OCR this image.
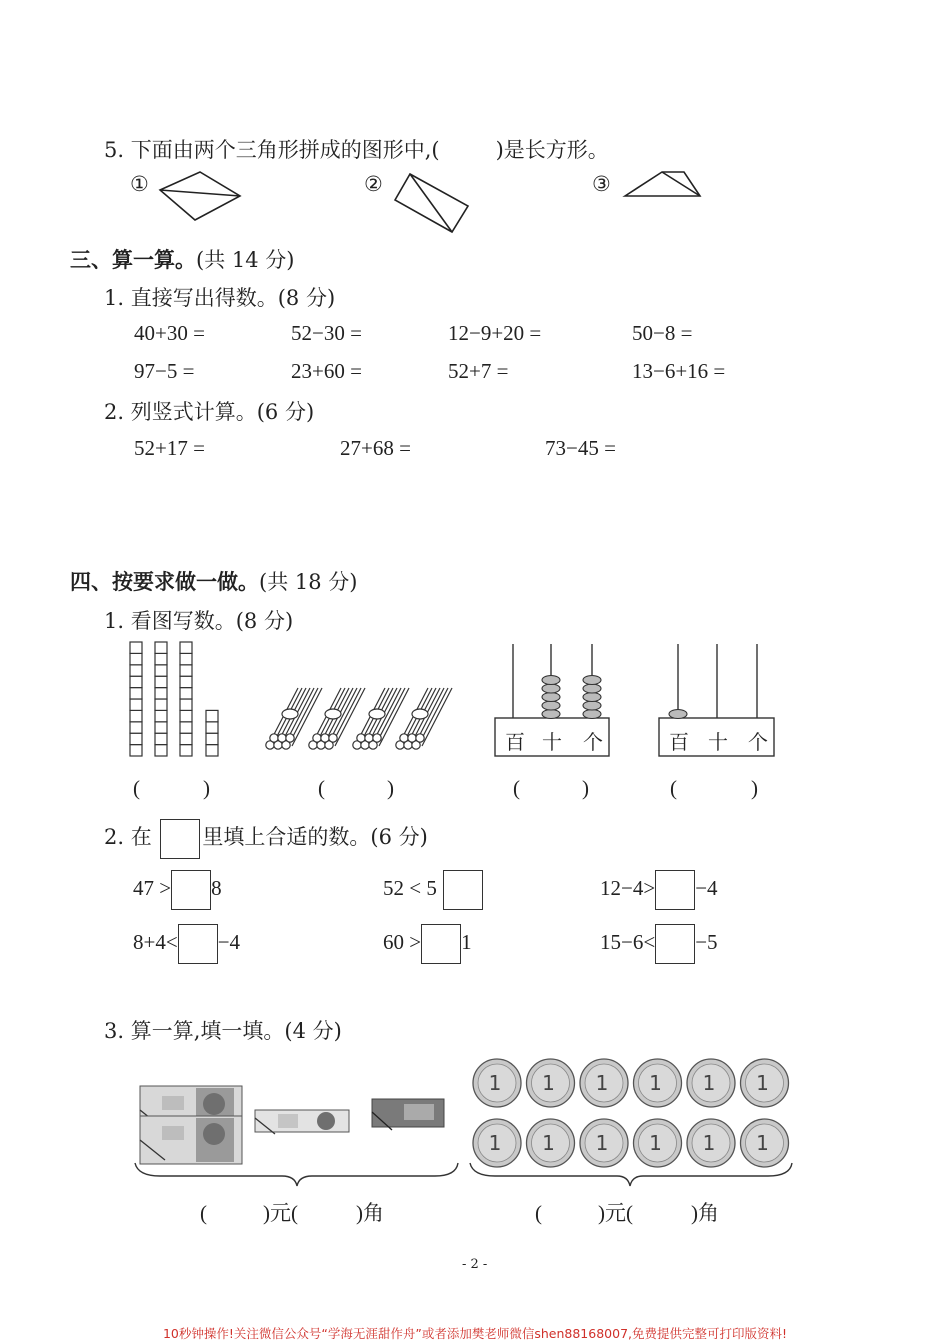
5. 下面由两个三角形拼成的图形中,(	)是长方形。
①	②	③
1 1 1 1 1 1
1 1 1 1 1 1
三、算一算。(共 14 分)
1. 直接写出得数。(8 分)
40+30 =	52−30 =	12−9+20 =	50−8 =
97−5 =	23+60 =	52+7 =	13−6+16 =
2. 列竖式计算。(6 分)
52+17 =	27+68 =	73−45 =
四、按要求做一做。(共 18 分)
1. 看图写数。(8 分)
百 十 个	百 十 个
(	)	(	)	(	)	(	)
2. 在 里填上合适的数。(6 分)
47 > 8	52 < 5	12−4> −4
8+4< −4	60 > 1	15−6< −5
3. 算一算,填一填。(4 分)
(	)元(	)角	(	)元(	)角
- 2 -
10秒钟操作!关注微信公众号“学海无涯甜作舟”或者添加樊老师微信shen88168007,免费提供完整可打印版资料!
